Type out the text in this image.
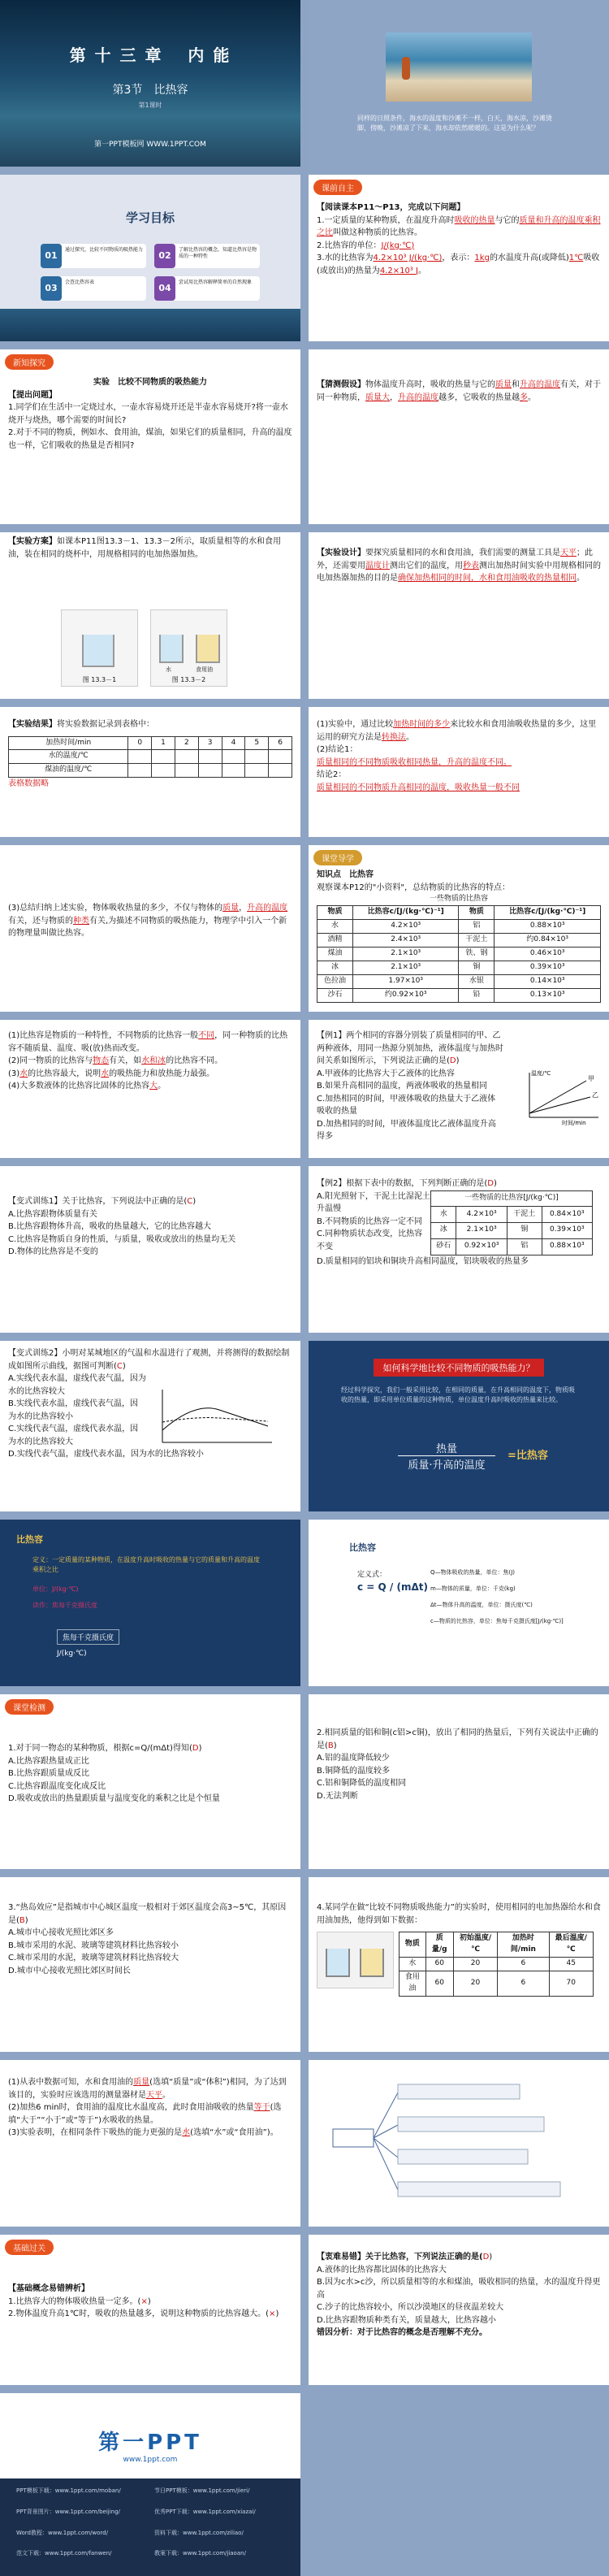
第 十 三 章　 内 能
第3节　比热容
第1课时
第一PPT模板网 WWW.1PPT.COM
同样的日照条件，海水的温度和沙滩不一样，白天，海水凉，沙滩烫脚，傍晚，沙滩凉了下来，海水却依然暖暖的。这是为什么呢？
学习目标
01
通过探究，比较不同物质的吸热能力
02
了解比热容的概念，知道比热容是物质的一种特性
03
会查比热容表
04
尝试用比热容解释简单的自然现象
课前自主
【阅读课本P11～P13，完成以下问题】
1.一定质量的某种物质，在温度升高时吸收的热量与它的质量和升高的温度乘积之比叫做这种物质的比热容。
2.比热容的单位：J/(kg·℃)
3.水的比热容为4.2×10³ J/(kg·℃)，表示：1kg的水温度升高(或降低)1℃吸收(或放出)的热量为4.2×10³ J。
新知探究
实验　比较不同物质的吸热能力
【提出问题】
1.同学们在生活中一定烧过水，一壶水容易烧开还是半壶水容易烧开?将一壶水烧开与烧热，哪个需要的时间长?
2.对于不同的物质，例如水、食用油，煤油，如果它们的质量相同，升高的温度也一样，它们吸收的热量是否相同?
【猜测假设】物体温度升高时，吸收的热量与它的质量和升高的温度有关，对于同一种物质，质量大，升高的温度越多，它吸收的热量越多。
【实验方案】如课本P11图13.3－1、13.3－2所示，取质量相等的水和食用油，装在相同的烧杯中，用规格相同的电加热器加热。
图 13.3－1
水	食用油
图 13.3－2
【实验设计】要探究质量相同的水和食用油，我们需要的测量工具是天平；此外，还需要用温度计测出它们的温度，用秒表测出加热时间实验中用规格相同的电加热器加热的目的是确保加热相同的时间，水和食用油吸收的热量相同。
【实验结果】将实验数据记录到表格中：
加热时间/min	0	1	2	3	4	5	6
水的温度/℃							
煤油的温度/℃							
表格数据略
(1)实验中，通过比较加热时间的多少来比较水和食用油吸收热量的多少，这里运用的研究方法是转换法。
(2)结论1：
质量相同的不同物质吸收相同热量，升高的温度不同。
结论2：
质量相同的不同物质升高相同的温度，吸收热量一般不同
(3)总结归纳上述实验，物体吸收热量的多少，不仅与物体的质量，升高的温度有关，还与物质的种类有关,为描述不同物质的吸热能力，物理学中引入一个新的物理量叫做比热容。
课堂导学
知识点　比热容
观察课本P12的"小资料"，总结物质的比热容的特点：
一些物质的比热容
物质	比热容c/[J/(kg·℃)⁻¹]	物质	比热容c/[J/(kg·℃)⁻¹]
水	4.2×10³	铝	0.88×10³
酒精	2.4×10³	干泥土	约0.84×10³
煤油	2.1×10³	铁、钢	0.46×10³
冰	2.1×10³	铜	0.39×10³
色拉油	1.97×10³	水银	0.14×10³
沙石	约0.92×10³	铅	0.13×10³
(1)比热容是物质的一种特性，不同物质的比热容一般不同，同一种物质的比热容不随质量、温度、吸(放)热而改变。
(2)同一物质的比热容与物态有关，如水和冰的比热容不同。
(3)水的比热容最大，说明水的吸热能力和放热能力最强。
(4)大多数液体的比热容比固体的比热容大。
【例1】两个相同的容器分别装了质量相同的甲、乙两种液体，用同一热源分别加热，液体温度与加热时间关系如图所示，下列说法正确的是(D)
A.甲液体的比热容大于乙液体的比热容
B.如果升高相同的温度，两液体吸收的热量相同
C.加热相同的时间，甲液体吸收的热量大于乙液体吸收的热量
D.加热相同的时间，甲液体温度比乙液体温度升高得多
甲
乙
温度/℃
时间/min
【变式训练1】关于比热容，下列说法中正确的是(C)
A.比热容跟物体质量有关
B.比热容跟物体升高，吸收的热量越大，它的比热容越大
C.比热容是物质自身的性质，与质量，吸收或放出的热量均无关
D.物体的比热容是不变的
【例2】根据下表中的数据，下列判断正确的是(D)
A.阳光照射下，干泥土比湿泥土升温慢
B.不同物质的比热容一定不同
C.同种物质状态改变，比热容不变
一些物质的比热容[J/(kg·℃)]			
水	4.2×10³	干泥土	0.84×10³
冰	2.1×10³	铜	0.39×10³
砂石	0.92×10³	铝	0.88×10³
D.质量相同的铝块和铜块升高相同温度，铝块吸收的热量多
【变式训练2】小明对某城地区的气温和水温进行了观测，并将测得的数据绘制成如图所示曲线，据图可判断(C)
A.实线代表水温，虚线代表气温，因为水的比热容较大
B.实线代表水温，虚线代表气温，因为水的比热容较小
C.实线代表气温，虚线代表水温，因为水的比热容较大
D.实线代表气温，虚线代表水温，因为水的比热容较小
如何科学地比较不同物质的吸热能力？
经过科学探究，我们一般采用比较，在相同的质量，在升高相同的温度下，物质吸收的热量，即采用单位质量的这种物质，单位温度升高时吸收的热量来比较。
热量
质量·升高的温度
=比热容
比热容
定义：一定质量的某种物质，在温度升高时吸收的热量与它的质量和升高的温度乘积之比
单位：J/(kg·℃)
读作：焦每千克摄氏度
焦每千克摄氏度
J/(kg·℃)
比热容
定义式：
c = Q / (mΔt)
Q—物体吸收的热量，单位：焦(J)
m—物体的质量，单位：千克(kg)
Δt—物体升高的温度，单位：摄氏度(℃)
c—物质的比热容，单位：焦每千克摄氏度[J/(kg·℃)]
课堂检测
1.对于同一物态的某种物质，根据c=Q/(mΔt)得知(D)
A.比热容跟热量成正比
B.比热容跟质量成反比
C.比热容跟温度变化成反比
D.吸收或放出的热量跟质量与温度变化的乘积之比是个恒量
2.相同质量的铝和铜(c铝>c铜)，放出了相同的热量后，下列有关说法中正确的是(B)
A.铝的温度降低较少
B.铜降低的温度较多
C.铝和铜降低的温度相同
D.无法判断
3.“热岛效应”是指城市中心城区温度一般相对于郊区温度会高3~5℃，其原因是(B)
A.城市中心接收光照比郊区多
B.城市采用的水泥、玻璃等建筑材料比热容较小
C.城市采用的水泥，玻璃等建筑材料比热容较大
D.城市中心接收光照比郊区时间长
4.某同学在做“比较不同物质吸热能力”的实验时，使用相同的电加热器给水和食用油加热，他得到如下数据：
物质	质量/g	初始温度/℃	加热时间/min	最后温度/℃
水	60	20	6	45
食用油	60	20	6	70
(1)从表中数据可知，水和食用油的质量(选填“质量”或“体积”)相同，为了达到该目的，实验时应该选用的测量器材是天平。
(2)加热6 min时，食用油的温度比水温度高，此时食用油吸收的热量等于(选填“大于”“小于”或“等于”)水吸收的热量。
(3)实验表明，在相同条件下吸热的能力更强的是水(选填“水”或“食用油”)。
基础过关
【基础概念易错辨析】
1.比热容大的物体吸收热量一定多。(×)
2.物体温度升高1℃时，吸收的热量越多，说明这种物质的比热容越大。(×)
【衷难易错】关于比热容，下列说法正确的是(D)
A.液体的比热容都比固体的比热容大
B.因为c水>c沙，所以质量相等的水和煤油，吸收相同的热量，水的温度升得更高
C.沙子的比热容较小，所以沙漠地区的昼夜温差较大
D.比热容跟物质种类有关，质量越大，比热容越小
错因分析：对于比热容的概念是否理解不充分。
第一PPT
www.1ppt.com
PPT模板下载：www.1ppt.com/moban/	节日PPT模板：www.1ppt.com/jieri/
PPT背景图片：www.1ppt.com/beijing/	优秀PPT下载：www.1ppt.com/xiazai/
Word教程：www.1ppt.com/word/	资料下载：www.1ppt.com/ziliao/
范文下载：www.1ppt.com/fanwen/	教案下载：www.1ppt.com/jiaoan/
